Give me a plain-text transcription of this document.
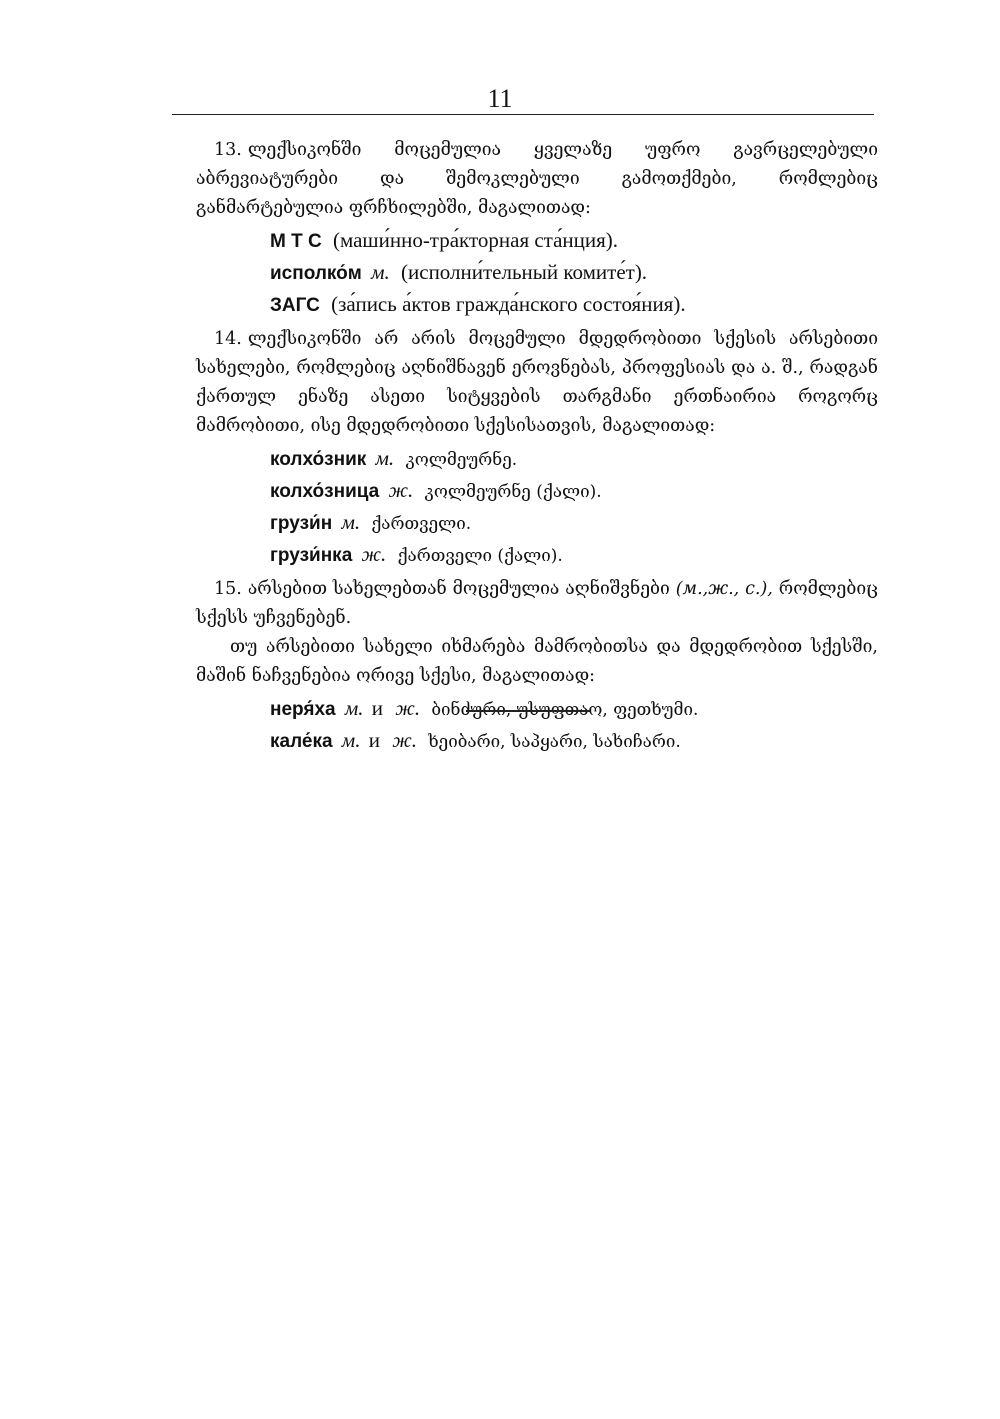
11

13. ლექსიკონში მოცემულია ყველაზე უფრო გავრცელებული აბრევიატურები და შემოკლებული გამოთქმები, რომლებიც განმარტებულია ფრჩხილებში, მაგალითად:

М Т С (маши́нно-тра́кторная ста́нция).
исполко́м м. (исполни́тельный комите́т).
ЗАГС (за́пись а́ктов гражда́нского состоя́ния).

14. ლექსიკონში არ არის მოცემული მდედრობითი სქესის არსებითი სახელები, რომლებიც აღნიშნავენ ეროვნებას, პროფესიას და ა. შ., რადგან ქართულ ენაზე ასეთი სიტყვების თარგმანი ერთნაირია როგორც მამრობითი, ისე მდედრობითი სქესისათვის, მაგალითად:

колхо́зник м. კოლმეურნე.
колхо́зница ж. კოლმეურნე (ქალი).
грузи́н м. ქართველი.
грузи́нка ж. ქართველი (ქალი).

15. არსებით სახელებთან მოცემულია აღნიშვნები (м.,ж., с.), რომლებიც სქესს უჩვენებენ.

თუ არსებითი სახელი იხმარება მამრობითსა და მდედრობით სქესში, მაშინ ნაჩვენებია ორივე სქესი, მაგალითად:

неря́ха м. и ж. ბინძური, უსუფთაო, ფეთხუმი.
кале́ка м. и ж. ხეიბარი, საპყარი, სახიჩარი.
